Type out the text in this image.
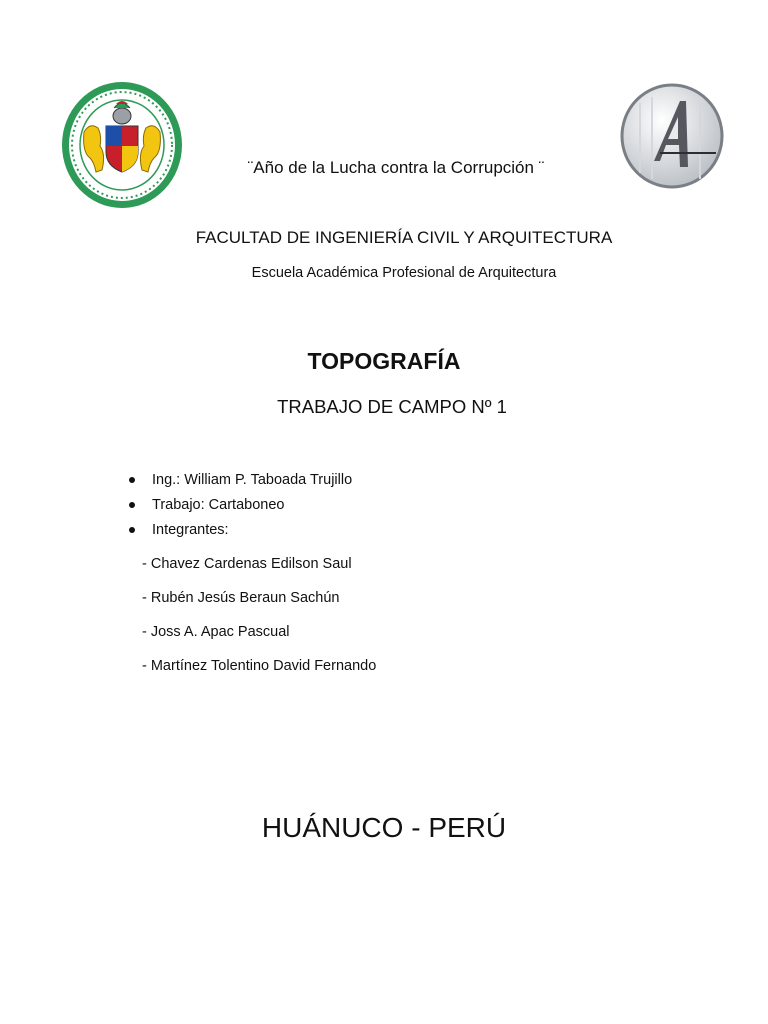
¨Año de la Lucha contra la Corrupción ¨
FACULTAD DE INGENIERÍA CIVIL Y ARQUITECTURA
Escuela Académica Profesional de Arquitectura
TOPOGRAFÍA
TRABAJO DE CAMPO Nº 1
Ing.: William P. Taboada Trujillo
Trabajo: Cartaboneo
Integrantes:
- Chavez Cardenas Edilson Saul
- Rubén Jesús Beraun Sachún
- Joss A. Apac Pascual
- Martínez Tolentino David Fernando
HUÁNUCO - PERÚ
